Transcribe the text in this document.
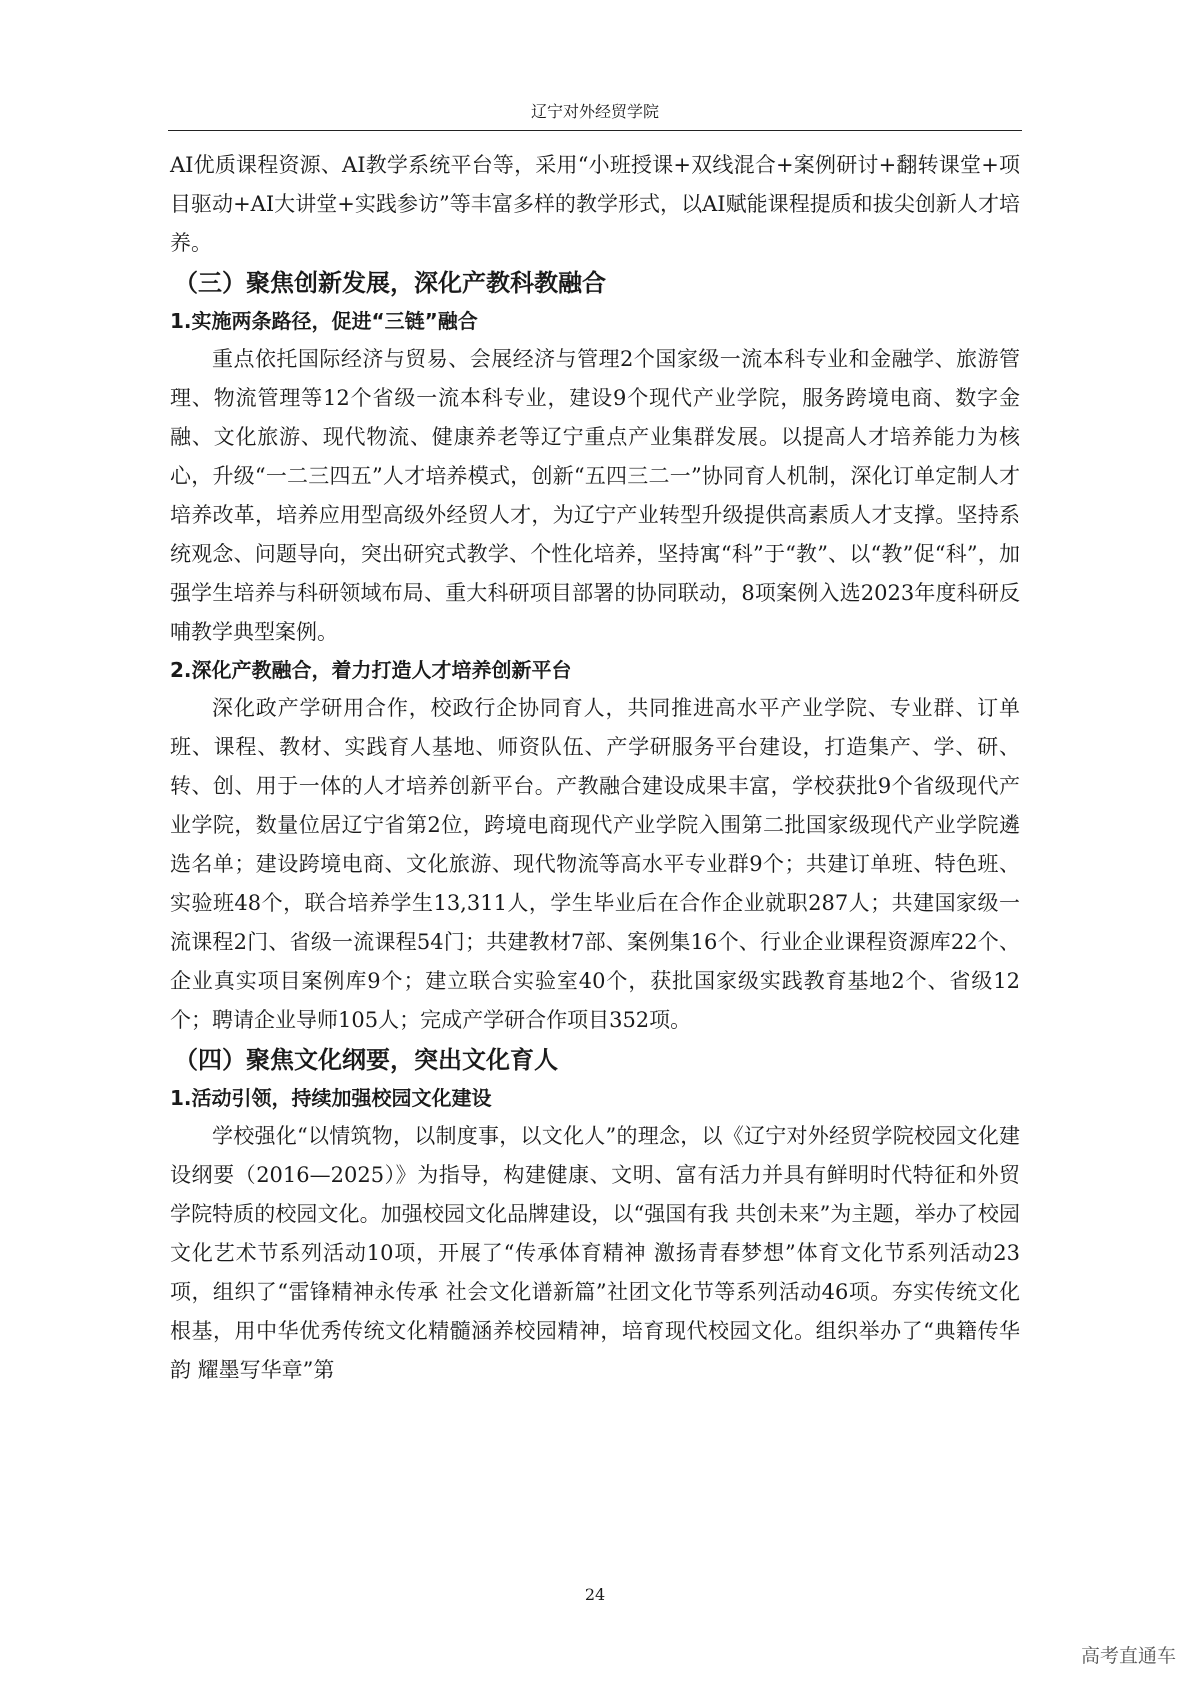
辽宁对外经贸学院

AI优质课程资源、AI教学系统平台等，采用“小班授课+双线混合+案例研讨+翻转课堂+项目驱动+AI大讲堂+实践参访”等丰富多样的教学形式，以AI赋能课程提质和拔尖创新人才培养。

（三）聚焦创新发展，深化产教科教融合
1.实施两条路径，促进“三链”融合

重点依托国际经济与贸易、会展经济与管理2个国家级一流本科专业和金融学、旅游管理、物流管理等12个省级一流本科专业，建设9个现代产业学院，服务跨境电商、数字金融、文化旅游、现代物流、健康养老等辽宁重点产业集群发展。以提高人才培养能力为核心，升级“一二三四五”人才培养模式，创新“五四三二一”协同育人机制，深化订单定制人才培养改革，培养应用型高级外经贸人才，为辽宁产业转型升级提供高素质人才支撑。坚持系统观念、问题导向，突出研究式教学、个性化培养，坚持寓“科”于“教”、以“教”促“科”，加强学生培养与科研领域布局、重大科研项目部署的协同联动，8项案例入选2023年度科研反哺教学典型案例。

2.深化产教融合，着力打造人才培养创新平台

深化政产学研用合作，校政行企协同育人，共同推进高水平产业学院、专业群、订单班、课程、教材、实践育人基地、师资队伍、产学研服务平台建设，打造集产、学、研、转、创、用于一体的人才培养创新平台。产教融合建设成果丰富，学校获批9个省级现代产业学院，数量位居辽宁省第2位，跨境电商现代产业学院入围第二批国家级现代产业学院遴选名单；建设跨境电商、文化旅游、现代物流等高水平专业群9个；共建订单班、特色班、实验班48个，联合培养学生13,311人，学生毕业后在合作企业就职287人；共建国家级一流课程2门、省级一流课程54门；共建教材7部、案例集16个、行业企业课程资源库22个、企业真实项目案例库9个；建立联合实验室40个，获批国家级实践教育基地2个、省级12个；聘请企业导师105人；完成产学研合作项目352项。

（四）聚焦文化纲要，突出文化育人
1.活动引领，持续加强校园文化建设

学校强化“以情筑物，以制度事，以文化人”的理念，以《辽宁对外经贸学院校园文化建设纲要（2016—2025）》为指导，构建健康、文明、富有活力并具有鲜明时代特征和外贸学院特质的校园文化。加强校园文化品牌建设，以“强国有我 共创未来”为主题，举办了校园文化艺术节系列活动10项，开展了“传承体育精神 激扬青春梦想”体育文化节系列活动23项，组织了“雷锋精神永传承 社会文化谱新篇”社团文化节等系列活动46项。夯实传统文化根基，用中华优秀传统文化精髓涵养校园精神，培育现代校园文化。组织举办了“典籍传华韵 耀墨写华章”第

24
高考直通车
